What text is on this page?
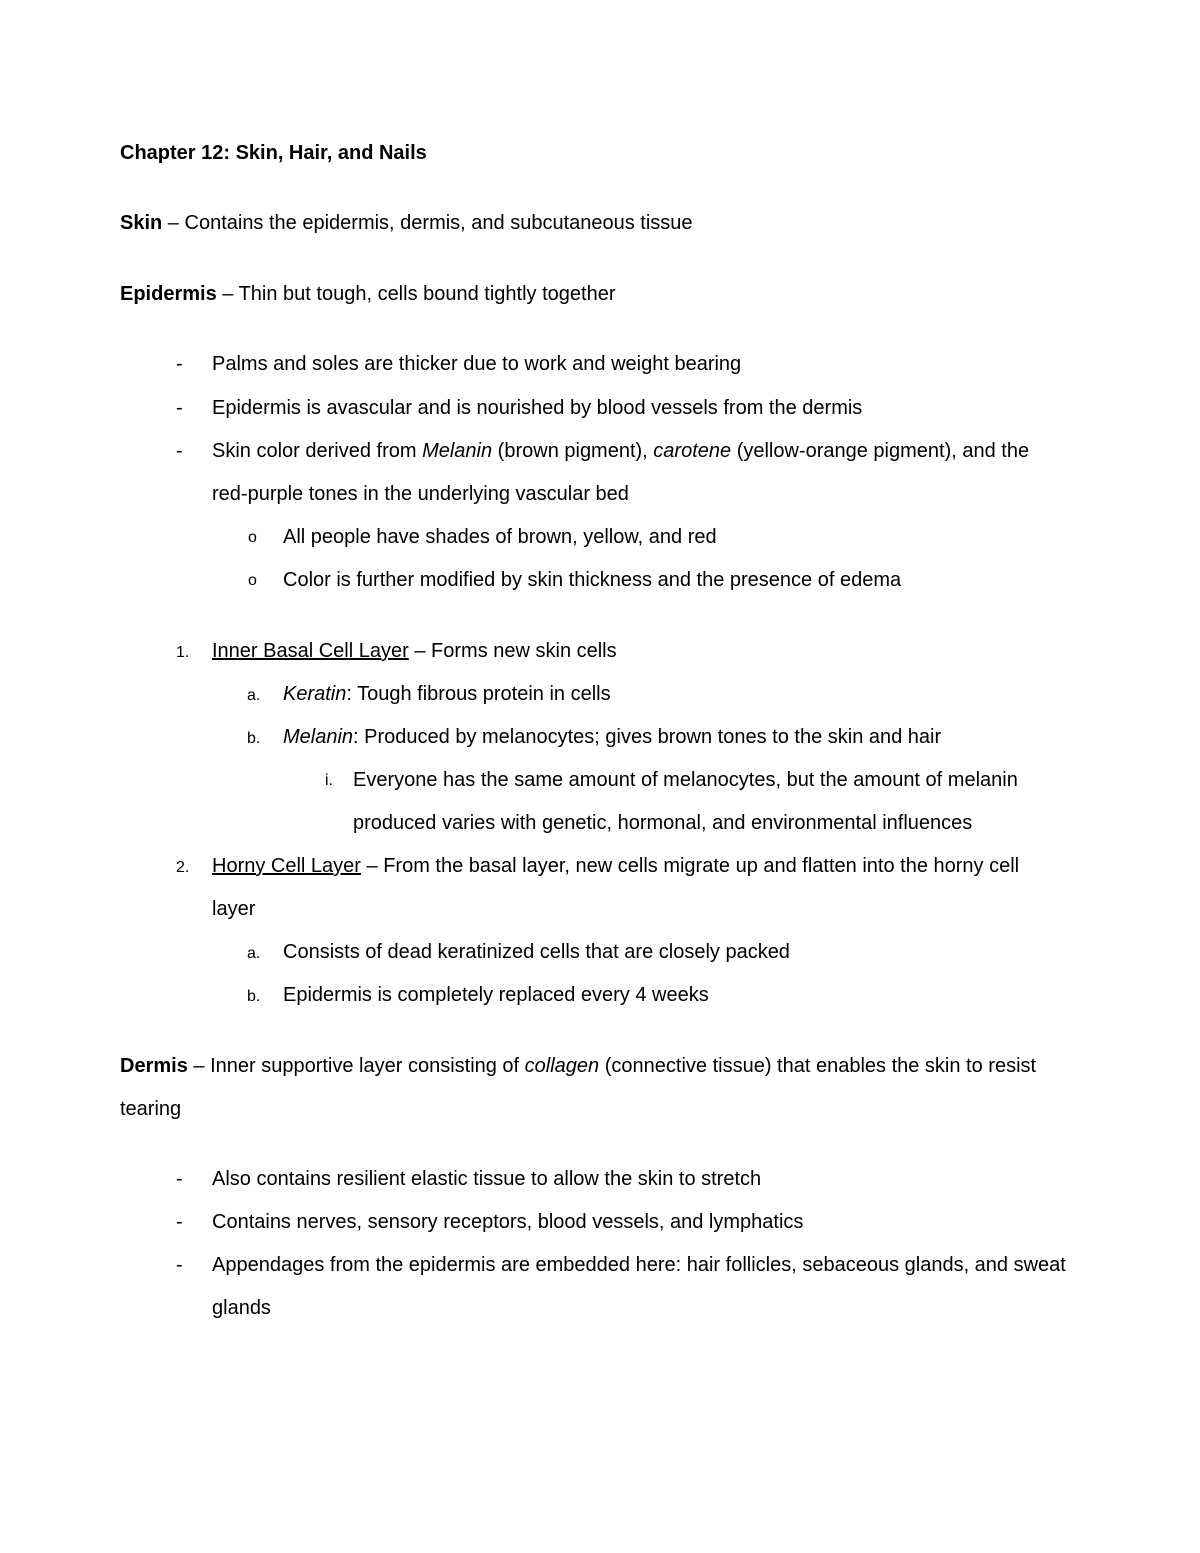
Chapter 12: Skin, Hair, and Nails
Skin – Contains the epidermis, dermis, and subcutaneous tissue
Epidermis – Thin but tough, cells bound tightly together
- Palms and soles are thicker due to work and weight bearing
- Epidermis is avascular and is nourished by blood vessels from the dermis
- Skin color derived from Melanin (brown pigment), carotene (yellow-orange pigment), and the
red-purple tones in the underlying vascular bed
o All people have shades of brown, yellow, and red
o Color is further modified by skin thickness and the presence of edema
1. Inner Basal Cell Layer – Forms new skin cells
a. Keratin: Tough fibrous protein in cells
b. Melanin: Produced by melanocytes; gives brown tones to the skin and hair
i. Everyone has the same amount of melanocytes, but the amount of melanin
produced varies with genetic, hormonal, and environmental influences
2. Horny Cell Layer – From the basal layer, new cells migrate up and flatten into the horny cell
layer
a. Consists of dead keratinized cells that are closely packed
b. Epidermis is completely replaced every 4 weeks
Dermis – Inner supportive layer consisting of collagen (connective tissue) that enables the skin to resist
tearing
- Also contains resilient elastic tissue to allow the skin to stretch
- Contains nerves, sensory receptors, blood vessels, and lymphatics
- Appendages from the epidermis are embedded here: hair follicles, sebaceous glands, and sweat
glands
